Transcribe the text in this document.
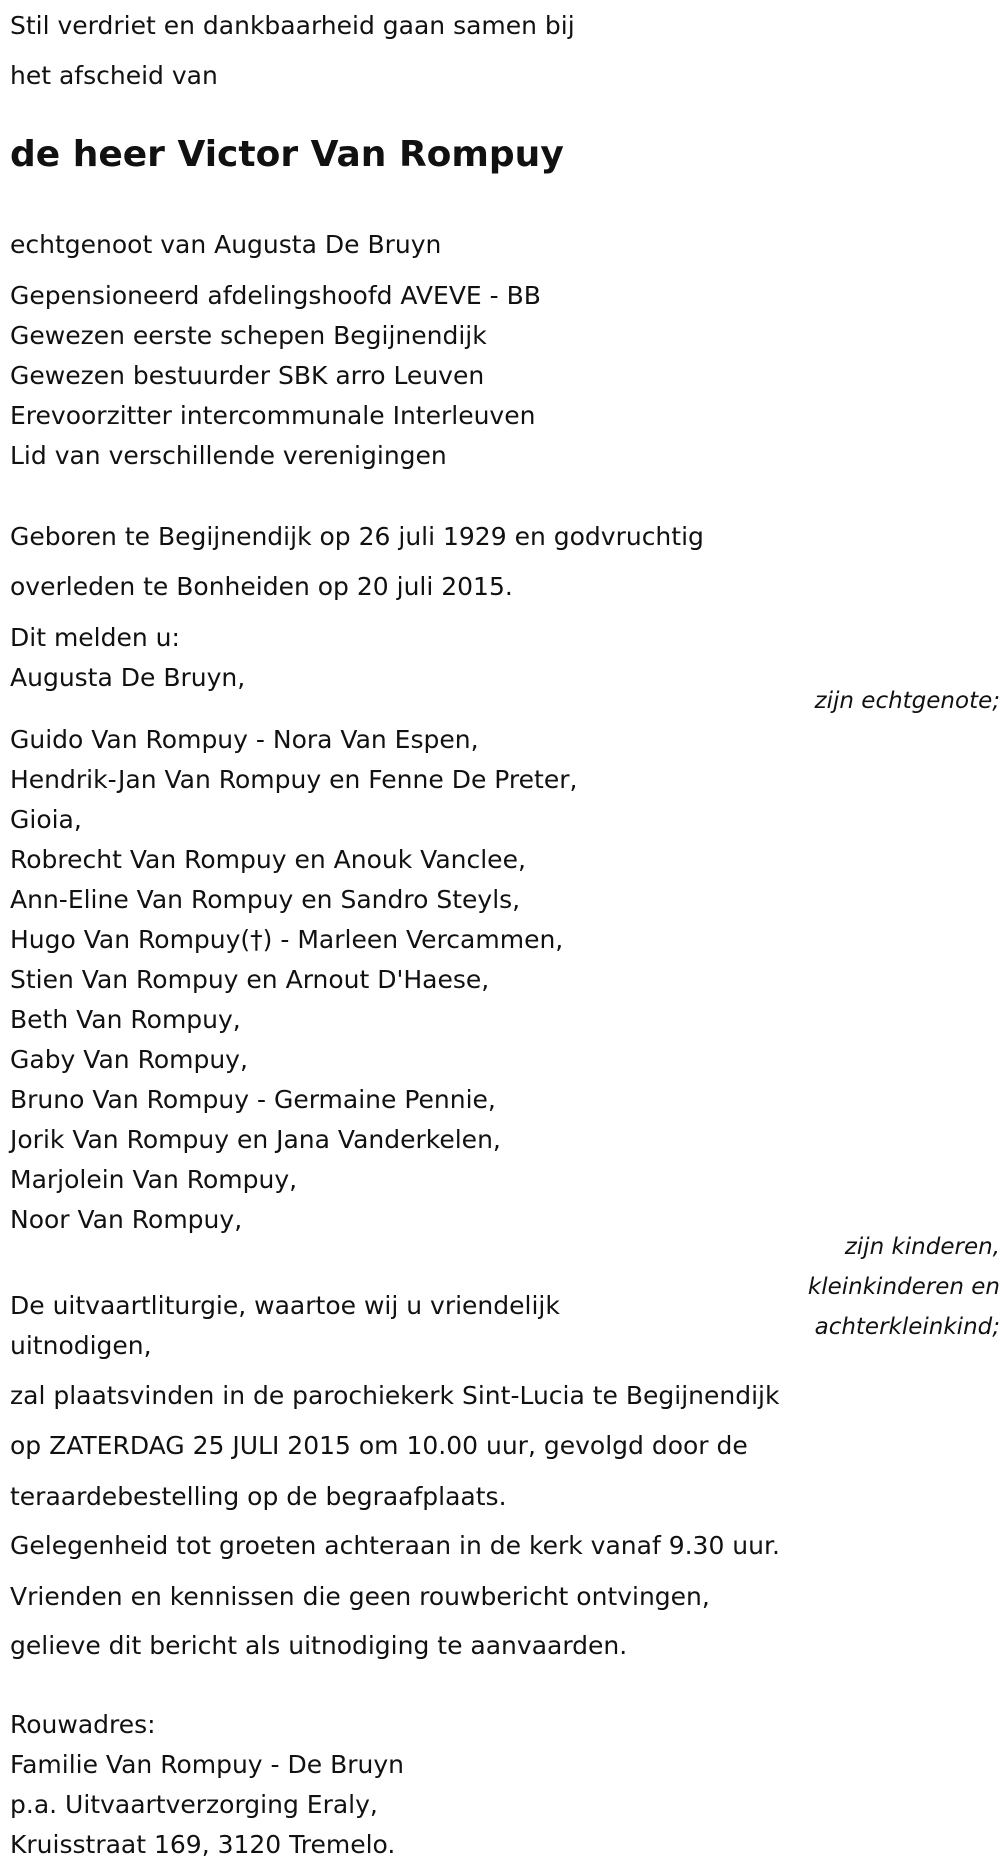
Stil verdriet en dankbaarheid gaan samen bij

het afscheid van

de heer Victor Van Rompuy

echtgenoot van Augusta De Bruyn

Gepensioneerd afdelingshoofd AVEVE - BB
Gewezen eerste schepen Begijnendijk
Gewezen bestuurder SBK arro Leuven
Erevoorzitter intercommunale Interleuven
Lid van verschillende verenigingen

Geboren te Begijnendijk op 26 juli 1929 en godvruchtig

overleden te Bonheiden op 20 juli 2015.

Dit melden u:
Augusta De Bruyn,

zijn echtgenote;

Guido Van Rompuy - Nora Van Espen,
Hendrik-Jan Van Rompuy en Fenne De Preter,
Gioia,
Robrecht Van Rompuy en Anouk Vanclee,
Ann-Eline Van Rompuy en Sandro Steyls,
Hugo Van Rompuy(†) - Marleen Vercammen,
Stien Van Rompuy en Arnout D'Haese,
Beth Van Rompuy,
Gaby Van Rompuy,
Bruno Van Rompuy - Germaine Pennie,
Jorik Van Rompuy en Jana Vanderkelen,
Marjolein Van Rompuy,
Noor Van Rompuy,
zijn kinderen,
kleinkinderen en
achterkleinkind;

De uitvaartliturgie, waartoe wij u vriendelijk

uitnodigen,

zal plaatsvinden in de parochiekerk Sint-Lucia te Begijnendijk

op ZATERDAG 25 JULI 2015 om 10.00 uur, gevolgd door de

teraardebestelling op de begraafplaats.

Gelegenheid tot groeten achteraan in de kerk vanaf 9.30 uur.

Vrienden en kennissen die geen rouwbericht ontvingen,

gelieve dit bericht als uitnodiging te aanvaarden.

Rouwadres:
Familie Van Rompuy - De Bruyn
p.a. Uitvaartverzorging Eraly,
Kruisstraat 169, 3120 Tremelo.
